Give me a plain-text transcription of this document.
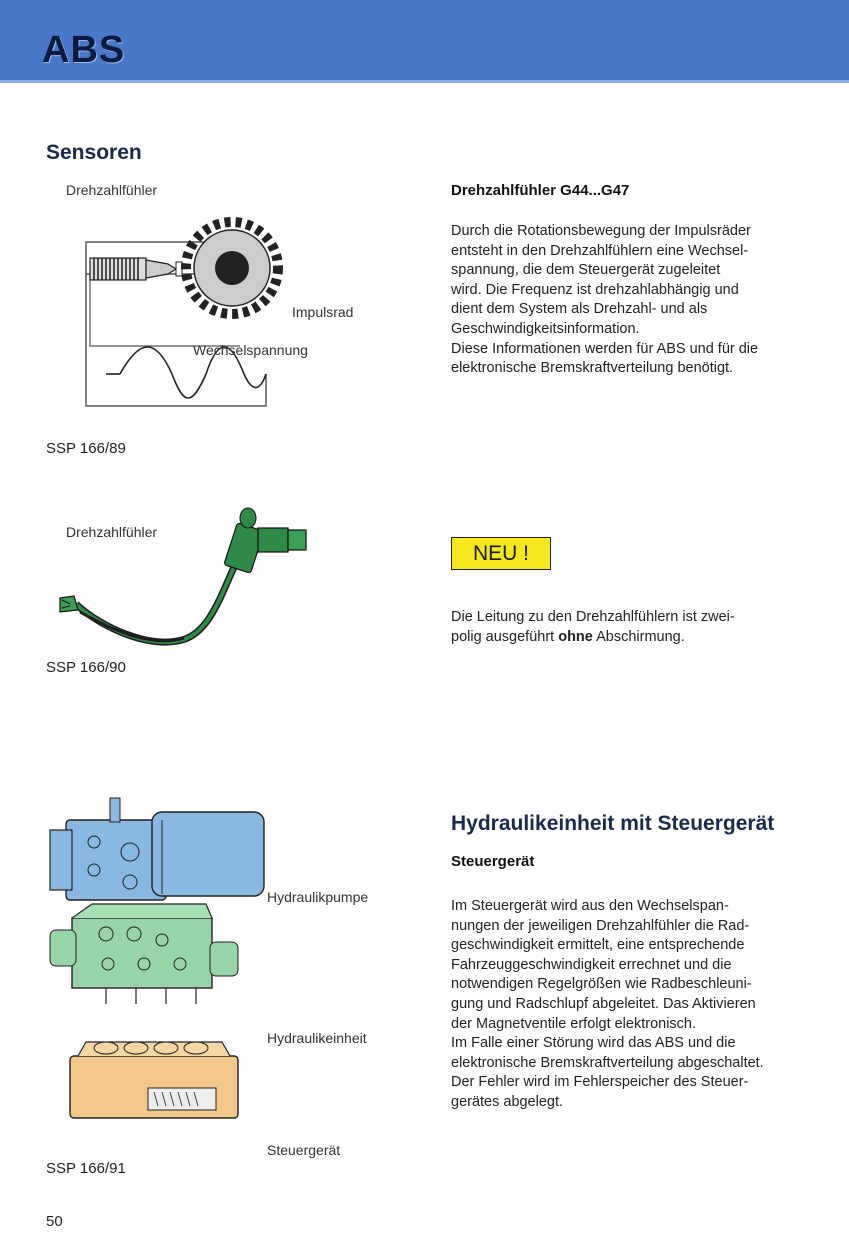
ABS
Sensoren
Drehzahlfühler
Impulsrad
Wechselspannung
SSP 166/89
Drehzahlfühler G44...G47
Durch die Rotationsbewegung der Impulsräder
entsteht in den Drehzahlfühlern eine Wechsel-
spannung, die dem Steuergerät zugeleitet
wird. Die Frequenz ist drehzahlabhängig und
dient dem System als Drehzahl- und als
Geschwindigkeitsinformation.
Diese Informationen werden für ABS und für die
elektronische Bremskraftverteilung benötigt.
Drehzahlfühler
SSP 166/90
NEU !
Die Leitung zu den Drehzahlfühlern ist zwei-
polig ausgeführt ohne Abschirmung.
Hydraulikpumpe
Hydraulikeinheit
Steuergerät
SSP 166/91
Hydraulikeinheit mit Steuergerät
Steuergerät
Im Steuergerät wird aus den Wechselspan-
nungen der jeweiligen Drehzahlfühler die Rad-
geschwindigkeit ermittelt, eine entsprechende
Fahrzeuggeschwindigkeit errechnet und die
notwendigen Regelgrößen wie Radbeschleuni-
gung und Radschlupf abgeleitet. Das Aktivieren
der Magnetventile erfolgt elektronisch.
Im Falle einer Störung wird das ABS und die
elektronische Bremskraftverteilung abgeschaltet.
Der Fehler wird im Fehlerspeicher des Steuer-
gerätes abgelegt.
50
